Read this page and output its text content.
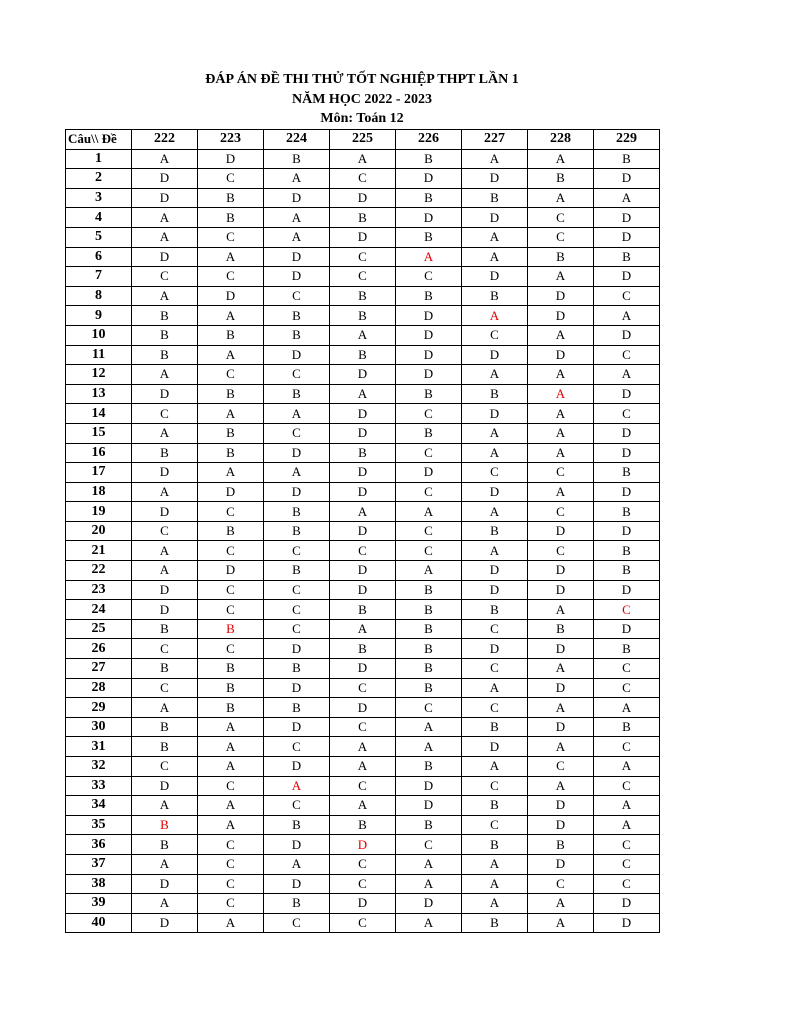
ĐÁP ÁN ĐỀ THI THỬ TỐT NGHIỆP THPT LẦN 1
NĂM HỌC 2022 - 2023
Môn: Toán 12
Câu\\ Đề	222	223	224	225	226	227	228	229
1	A	D	B	A	B	A	A	B
2	D	C	A	C	D	D	B	D
3	D	B	D	D	B	B	A	A
4	A	B	A	B	D	D	C	D
5	A	C	A	D	B	A	C	D
6	D	A	D	C	A	A	B	B
7	C	C	D	C	C	D	A	D
8	A	D	C	B	B	B	D	C
9	B	A	B	B	D	A	D	A
10	B	B	B	A	D	C	A	D
11	B	A	D	B	D	D	D	C
12	A	C	C	D	D	A	A	A
13	D	B	B	A	B	B	A	D
14	C	A	A	D	C	D	A	C
15	A	B	C	D	B	A	A	D
16	B	B	D	B	C	A	A	D
17	D	A	A	D	D	C	C	B
18	A	D	D	D	C	D	A	D
19	D	C	B	A	A	A	C	B
20	C	B	B	D	C	B	D	D
21	A	C	C	C	C	A	C	B
22	A	D	B	D	A	D	D	B
23	D	C	C	D	B	D	D	D
24	D	C	C	B	B	B	A	C
25	B	B	C	A	B	C	B	D
26	C	C	D	B	B	D	D	B
27	B	B	B	D	B	C	A	C
28	C	B	D	C	B	A	D	C
29	A	B	B	D	C	C	A	A
30	B	A	D	C	A	B	D	B
31	B	A	C	A	A	D	A	C
32	C	A	D	A	B	A	C	A
33	D	C	A	C	D	C	A	C
34	A	A	C	A	D	B	D	A
35	B	A	B	B	B	C	D	A
36	B	C	D	D	C	B	B	C
37	A	C	A	C	A	A	D	C
38	D	C	D	C	A	A	C	C
39	A	C	B	D	D	A	A	D
40	D	A	C	C	A	B	A	D
